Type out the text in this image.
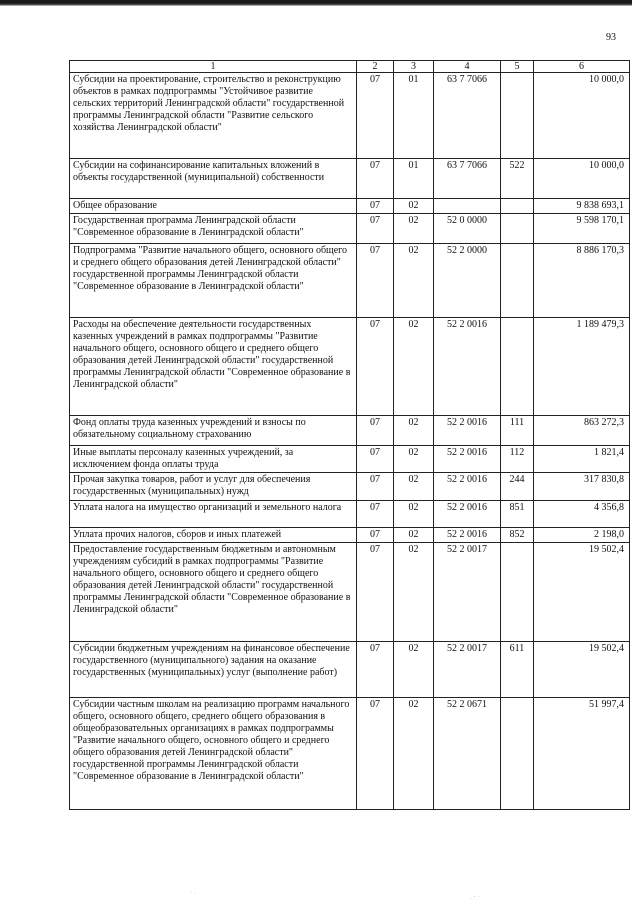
93
1	2	3	4	5	6
Субсидии на проектирование, строительство и реконструкцию объектов в рамках подпрограммы "Устойчивое развитие сельских территорий Ленинградской области" государственной программы Ленинградской области "Развитие сельского хозяйства Ленинградской области"	07	01	63 7 7066		10 000,0
Субсидии на софинансирование капитальных вложений в объекты государственной (муниципальной) собственности	07	01	63 7 7066	522	10 000,0
Общее образование	07	02			9 838 693,1
Государственная программа Ленинградской области "Современное образование в Ленинградской области"	07	02	52 0 0000		9 598 170,1
Подпрограмма "Развитие начального общего, основного общего и среднего общего образования детей Ленинградской области" государственной программы Ленинградской области "Современное образование в Ленинградской области"	07	02	52 2 0000		8 886 170,3
Расходы на обеспечение деятельности государственных казенных учреждений в рамках подпрограммы "Развитие начального общего, основного общего и среднего общего образования детей Ленинградской области" государственной программы Ленинградской области "Современное образование в Ленинградской области"	07	02	52 2 0016		1 189 479,3
Фонд оплаты труда казенных учреждений и взносы по обязательному социальному страхованию	07	02	52 2 0016	111	863 272,3
Иные выплаты персоналу казенных учреждений, за исключением фонда оплаты труда	07	02	52 2 0016	112	1 821,4
Прочая закупка товаров, работ и услуг для обеспечения государственных (муниципальных) нужд	07	02	52 2 0016	244	317 830,8
Уплата налога на имущество организаций и земельного налога	07	02	52 2 0016	851	4 356,8
Уплата прочих налогов, сборов и иных платежей	07	02	52 2 0016	852	2 198,0
Предоставление государственным бюджетным и автономным учреждениям субсидий в рамках подпрограммы "Развитие начального общего, основного общего и среднего общего образования детей Ленинградской области" государственной программы Ленинградской области "Современное образование в Ленинградской области"	07	02	52 2 0017		19 502,4
Субсидии бюджетным учреждениям на финансовое обеспечение государственного (муниципального) задания на оказание государственных (муниципальных) услуг (выполнение работ)	07	02	52 2 0017	611	19 502,4
Субсидии частным школам на реализацию программ начального общего, основного общего, среднего общего образования в общеобразовательных организациях в рамках подпрограммы "Развитие начального общего, основного общего и среднего общего образования детей Ленинградской области" государственной программы Ленинградской области "Современное образование в Ленинградской области"	07	02	52 2 0671		51 997,4
· .
. · ·
